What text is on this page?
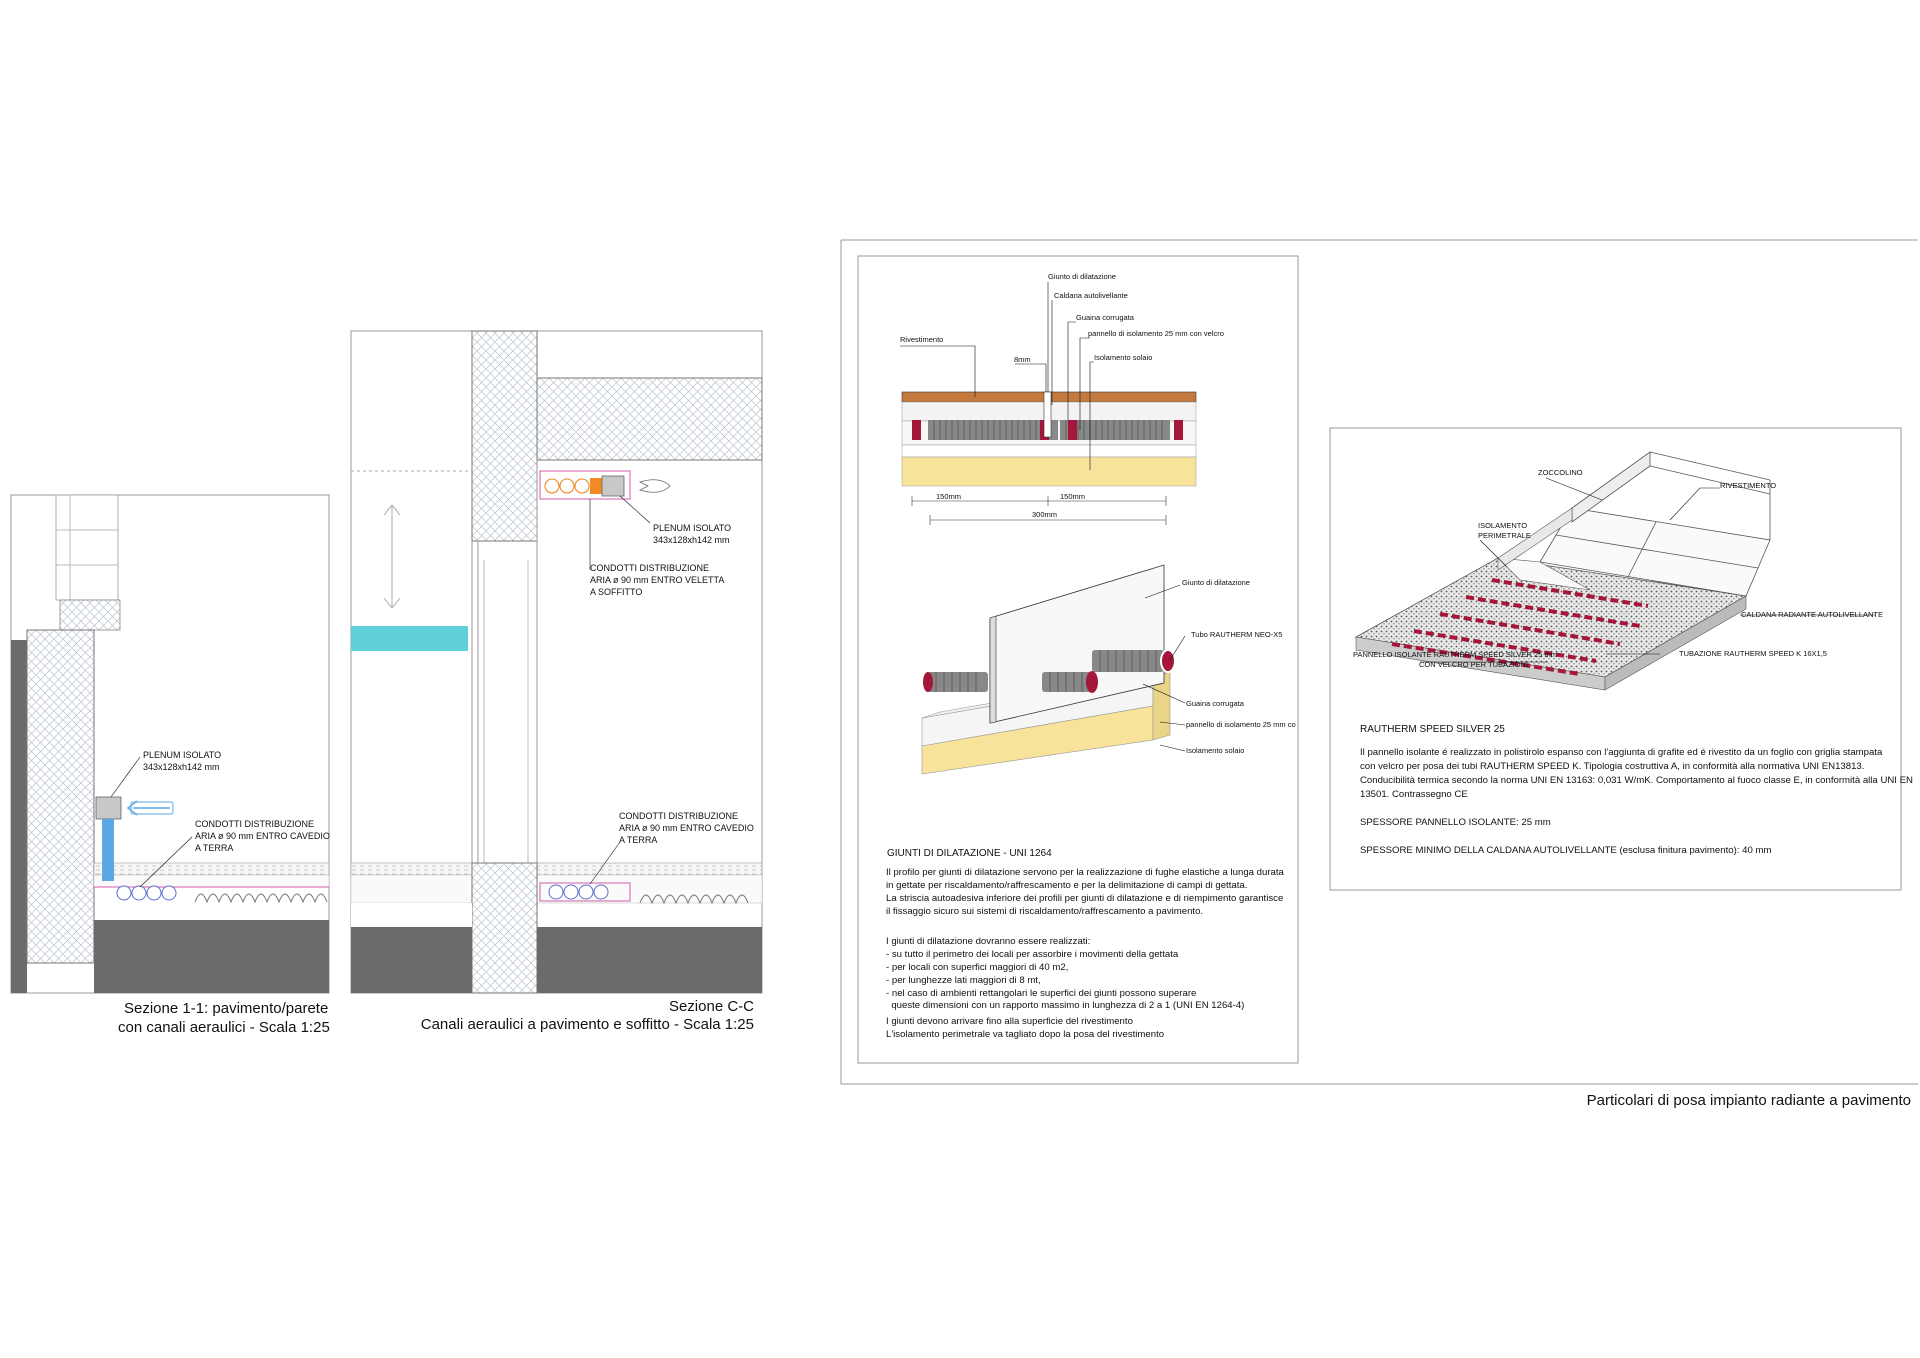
PLENUM ISOLATO
343x128xh142 mm
CONDOTTI DISTRIBUZIONE
ARIA ø 90 mm ENTRO CAVEDIO
A TERRA
Sezione 1-1: pavimento/parete
con canali aeraulici - Scala 1:25
PLENUM ISOLATO
343x128xh142 mm
CONDOTTI DISTRIBUZIONE
ARIA ø 90 mm ENTRO VELETTA
A SOFFITTO
CONDOTTI DISTRIBUZIONE
ARIA ø 90 mm ENTRO CAVEDIO
A TERRA
Sezione C-C
Canali aeraulici a pavimento e soffitto - Scala 1:25
Particolari di posa impianto radiante a pavimento
Giunto di dilatazione
Caldana autolivellante
Guaina corrugata
pannello di isolamento 25 mm con velcro
Isolamento solaio
Rivestimento
8mm
150mm	150mm
300mm
Giunto di dilatazione
Tubo RAUTHERM NEO-X5
Guaina corrugata
pannello di isolamento 25 mm co
Isolamento solaio
GIUNTI DI DILATAZIONE - UNI 1264
Il profilo per giunti di dilatazione servono per la realizzazione di fughe elastiche a lunga durata
in gettate per riscaldamento/raffrescamento e per la delimitazione di campi di gettata.
La striscia autoadesiva inferiore dei profili per giunti di dilatazione e di riempimento garantisce
il fissaggio sicuro sui sistemi di riscaldamento/raffrescamento a pavimento.
I giunti di dilatazione dovranno essere realizzati:
- su tutto il perimetro dei locali per assorbire i movimenti della gettata
- per locali con superfici maggiori di 40 m2,
- per lunghezze lati maggiori di 8 mt,
- nel caso di ambienti rettangolari le superfici dei giunti possono superare
queste dimensioni con un rapporto massimo in lunghezza di 2 a 1 (UNI EN 1264-4)
I giunti devono arrivare fino alla superficie del rivestimento
L'isolamento perimetrale va tagliato dopo la posa del rivestimento
ZOCCOLINO
RIVESTIMENTO
ISOLAMENTO
PERIMETRALE
CALDANA RADIANTE AUTOLIVELLANTE
PANNELLO ISOLANTE RAUTHERM SPEED SILVER 25 mm
CON VELCRO PER TUBAZIONI
TUBAZIONE RAUTHERM SPEED K 16X1,5
RAUTHERM SPEED SILVER 25
Il pannello isolante é realizzato in polistirolo espanso con l'aggiunta di grafite ed é rivestito da un foglio con griglia stampata
con velcro per posa dei tubi RAUTHERM SPEED K. Tipologia costruttiva A, in conformità alla normativa UNI EN13813.
Conducibilità termica secondo la norma UNI EN 13163: 0,031 W/mK. Comportamento al fuoco classe E, in conformità alla UNI EN
13501. Contrassegno CE
SPESSORE PANNELLO ISOLANTE: 25 mm
SPESSORE MINIMO DELLA CALDANA AUTOLIVELLANTE (esclusa finitura pavimento): 40 mm
